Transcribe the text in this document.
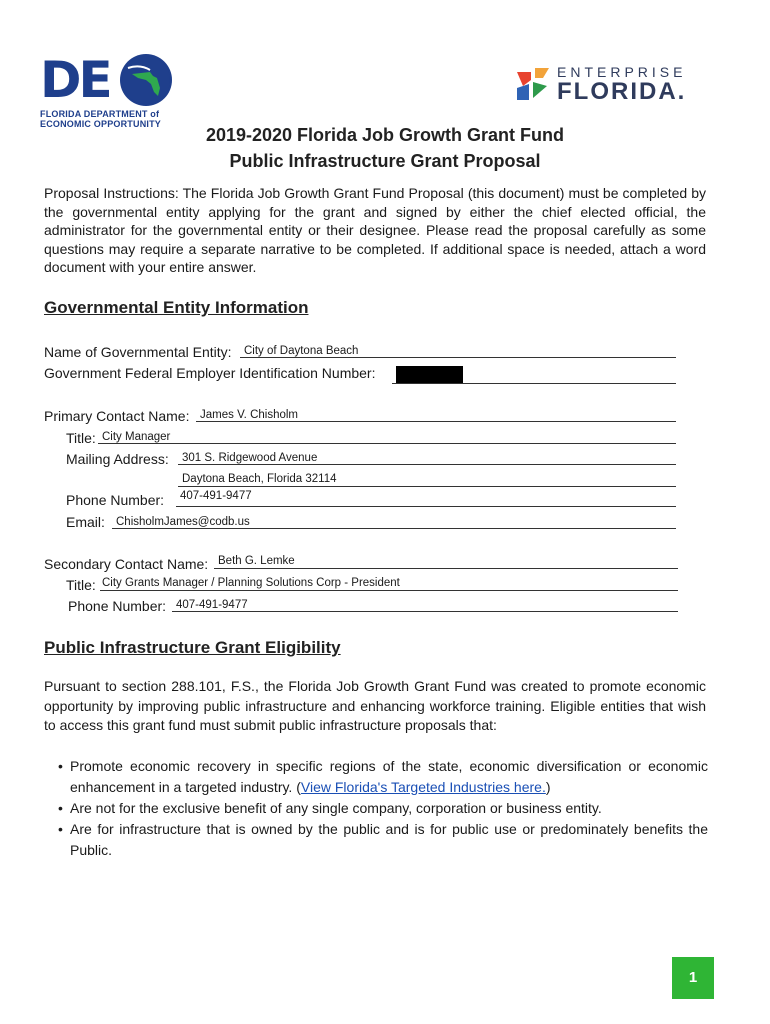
DE
FLORIDA DEPARTMENT of
ECONOMIC OPPORTUNITY
ENTERPRISE
FLORIDA.
2019-2020 Florida Job Growth Grant Fund
Public Infrastructure Grant Proposal
Proposal Instructions: The Florida Job Growth Grant Fund Proposal (this document) must be completed by the governmental entity applying for the grant and signed by either the chief elected official, the administrator for the governmental entity or their designee. Please read the proposal carefully as some questions may require a separate narrative to be completed. If additional space is needed, attach a word document with your entire answer.
Governmental Entity Information
Name of Governmental Entity: City of Daytona Beach
Government Federal Employer Identification Number:
Primary Contact Name: James V. Chisholm
Title: City Manager
Mailing Address: 301 S. Ridgewood Avenue
Daytona Beach, Florida 32114
Phone Number: 407-491-9477
Email: ChisholmJames@codb.us
Secondary Contact Name: Beth G. Lemke
Title: City Grants Manager / Planning Solutions Corp - President
Phone Number: 407-491-9477
Public Infrastructure Grant Eligibility
Pursuant to section 288.101, F.S., the Florida Job Growth Grant Fund was created to promote economic opportunity by improving public infrastructure and enhancing workforce training. Eligible entities that wish to access this grant fund must submit public infrastructure proposals that:
• Promote economic recovery in specific regions of the state, economic diversification or economic enhancement in a targeted industry. (View Florida's Targeted Industries here.)
• Are not for the exclusive benefit of any single company, corporation or business entity.
• Are for infrastructure that is owned by the public and is for public use or predominately benefits the Public.
1
